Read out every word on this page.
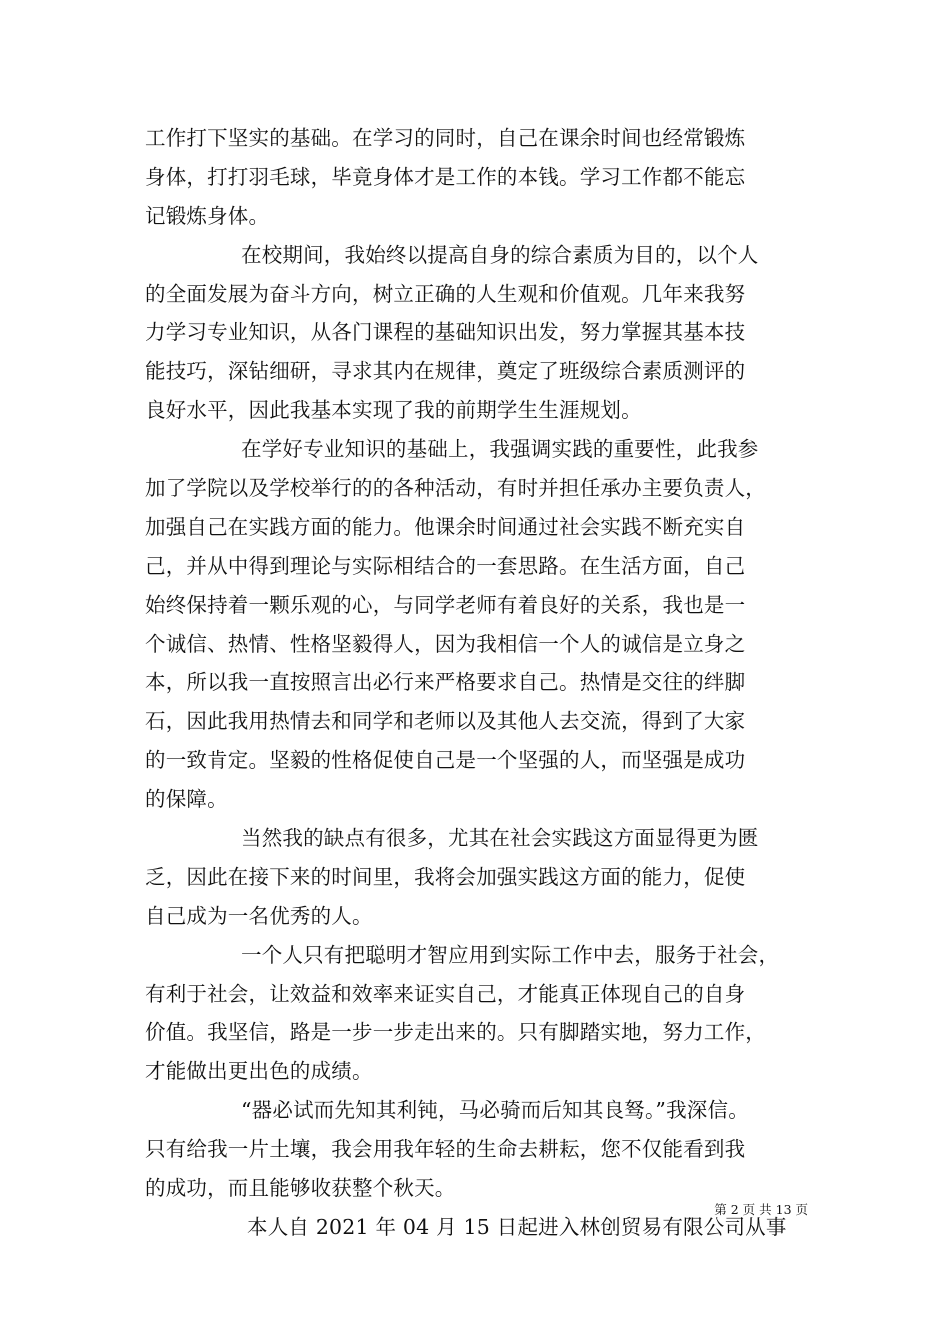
工作打下坚实的基础。在学习的同时，自己在课余时间也经常锻炼
身体，打打羽毛球，毕竟身体才是工作的本钱。学习工作都不能忘
记锻炼身体。
在校期间，我始终以提高自身的综合素质为目的，以个人
的全面发展为奋斗方向，树立正确的人生观和价值观。几年来我努
力学习专业知识，从各门课程的基础知识出发，努力掌握其基本技
能技巧，深钻细研，寻求其内在规律，奠定了班级综合素质测评的
良好水平，因此我基本实现了我的前期学生生涯规划。
在学好专业知识的基础上，我强调实践的重要性，此我参
加了学院以及学校举行的的各种活动，有时并担任承办主要负责人，
加强自己在实践方面的能力。他课余时间通过社会实践不断充实自
己，并从中得到理论与实际相结合的一套思路。在生活方面，自己
始终保持着一颗乐观的心，与同学老师有着良好的关系，我也是一
个诚信、热情、性格坚毅得人，因为我相信一个人的诚信是立身之
本，所以我一直按照言出必行来严格要求自己。热情是交往的绊脚
石，因此我用热情去和同学和老师以及其他人去交流，得到了大家
的一致肯定。坚毅的性格促使自己是一个坚强的人，而坚强是成功
的保障。
当然我的缺点有很多，尤其在社会实践这方面显得更为匮
乏，因此在接下来的时间里，我将会加强实践这方面的能力，促使
自己成为一名优秀的人。
一个人只有把聪明才智应用到实际工作中去，服务于社会，
有利于社会，让效益和效率来证实自己，才能真正体现自己的自身
价值。我坚信，路是一步一步走出来的。只有脚踏实地，努力工作，
才能做出更出色的成绩。
“器必试而先知其利钝，马必骑而后知其良驽。”我深信。
只有给我一片土壤，我会用我年轻的生命去耕耘，您不仅能看到我
的成功，而且能够收获整个秋天。
本人自 2021 年 04 月 15 日起进入林创贸易有限公司从事
第 2 页 共 13 页
